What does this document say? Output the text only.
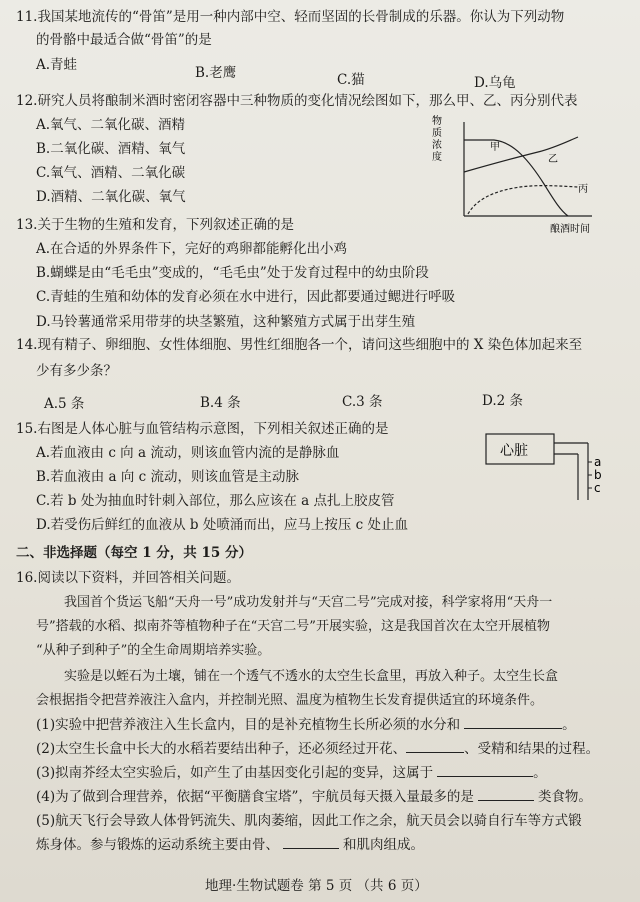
11.我国某地流传的“骨笛”是用一种内部中空、轻而坚固的长骨制成的乐器。你认为下列动物
的骨骼中最适合做“骨笛”的是
A.青蛙	B.老鹰	C.猫	D.乌龟
12.研究人员将酿制米酒时密闭容器中三种物质的变化情况绘图如下，那么甲、乙、丙分别代表
A.氧气、二氧化碳、酒精
B.二氧化碳、酒精、氧气
C.氧气、酒精、二氧化碳
D.酒精、二氧化碳、氧气
物
质
浓
度
甲
乙
丙
酿酒时间
13.关于生物的生殖和发育，下列叙述正确的是
A.在合适的外界条件下，完好的鸡卵都能孵化出小鸡
B.蝴蝶是由“毛毛虫”变成的，“毛毛虫”处于发育过程中的幼虫阶段
C.青蛙的生殖和幼体的发育必须在水中进行，因此都要通过鳃进行呼吸
D.马铃薯通常采用带芽的块茎繁殖，这种繁殖方式属于出芽生殖
14.现有精子、卵细胞、女性体细胞、男性红细胞各一个，请问这些细胞中的 X 染色体加起来至
少有多少条？
A.5 条	B.4 条	C.3 条	D.2 条
15.右图是人体心脏与血管结构示意图，下列相关叙述正确的是
A.若血液由 c 向 a 流动，则该血管内流的是静脉血
B.若血液由 a 向 c 流动，则该血管是主动脉
C.若 b 处为抽血时针刺入部位，那么应该在 a 点扎上胶皮管
D.若受伤后鲜红的血液从 b 处喷涌而出，应马上按压 c 处止血
心脏
a
b
c
二、非选择题（每空 1 分，共 15 分）
16.阅读以下资料，并回答相关问题。
我国首个货运飞船“天舟一号”成功发射并与“天宫二号”完成对接，科学家将用“天舟一
号”搭载的水稻、拟南芥等植物种子在“天宫二号”开展实验，这是我国首次在太空开展植物
“从种子到种子”的全生命周期培养实验。
实验是以蛭石为土壤，铺在一个透气不透水的太空生长盒里，再放入种子。太空生长盒
会根据指令把营养液注入盒内，并控制光照、温度为植物生长发育提供适宜的环境条件。
(1)实验中把营养液注入生长盒内，目的是补充植物生长所必须的水分和	。
(2)太空生长盒中长大的水稻若要结出种子，还必须经过开花、	、受精和结果的过程。
(3)拟南芥经太空实验后，如产生了由基因变化引起的变异，这属于	。
(4)为了做到合理营养，依据“平衡膳食宝塔”，宇航员每天摄入量最多的是	类食物。
(5)航天飞行会导致人体骨钙流失、肌肉萎缩，因此工作之余，航天员会以骑自行车等方式锻
炼身体。参与锻炼的运动系统主要由骨、	和肌肉组成。
地理·生物试题卷 第 5 页 （共 6 页）
